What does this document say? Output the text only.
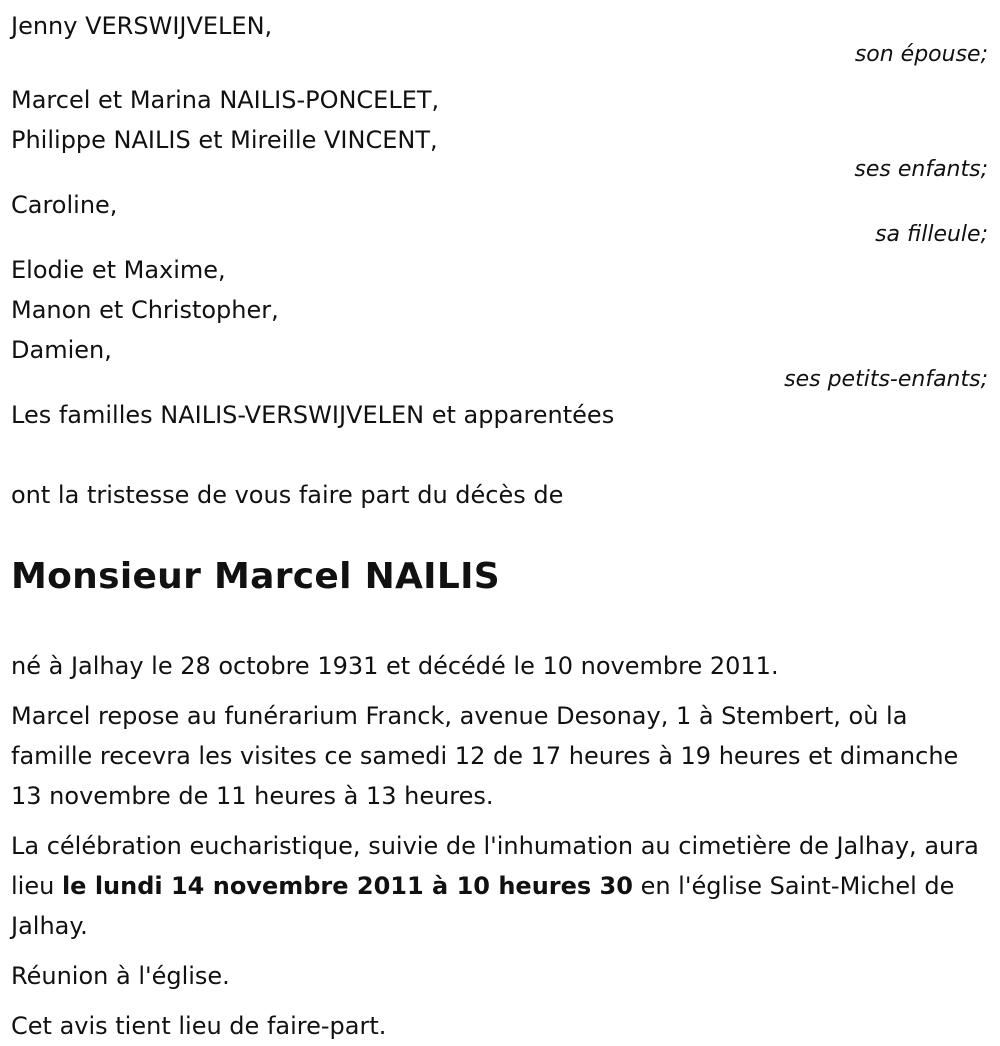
Jenny VERSWIJVELEN,
son épouse;
Marcel et Marina NAILIS-PONCELET,
Philippe NAILIS et Mireille VINCENT,
ses enfants;
Caroline,
sa filleule;
Elodie et Maxime,
Manon et Christopher,
Damien,
ses petits-enfants;
Les familles NAILIS-VERSWIJVELEN et apparentées
ont la tristesse de vous faire part du décès de
Monsieur Marcel NAILIS

né à Jalhay le 28 octobre 1931 et décédé le 10 novembre 2011.

Marcel repose au funérarium Franck, avenue Desonay, 1 à Stembert, où la famille recevra les visites ce samedi 12 de 17 heures à 19 heures et dimanche 13 novembre de 11 heures à 13 heures.

La célébration eucharistique, suivie de l'inhumation au cimetière de Jalhay, aura lieu le lundi 14 novembre 2011 à 10 heures 30 en l'église Saint-Michel de Jalhay.

Réunion à l'église.

Cet avis tient lieu de faire-part.
